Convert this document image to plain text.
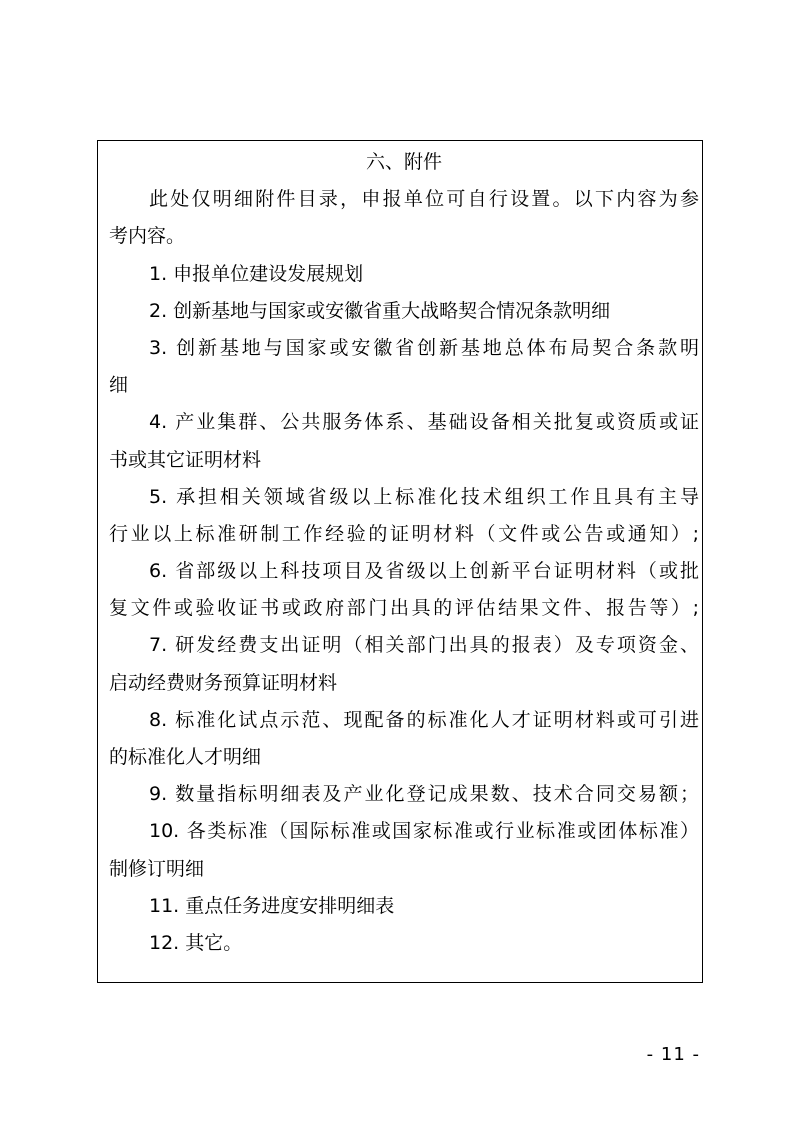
六、附件
此处仅明细附件目录，申报单位可自行设置。以下内容为参
考内容。
1. 申报单位建设发展规划
2. 创新基地与国家或安徽省重大战略契合情况条款明细
3. 创新基地与国家或安徽省创新基地总体布局契合条款明
细
4. 产业集群、公共服务体系、基础设备相关批复或资质或证
书或其它证明材料
5. 承担相关领域省级以上标准化技术组织工作且具有主导
行业以上标准研制工作经验的证明材料（文件或公告或通知）;
6. 省部级以上科技项目及省级以上创新平台证明材料（或批
复文件或验收证书或政府部门出具的评估结果文件、报告等）;
7. 研发经费支出证明（相关部门出具的报表）及专项资金、
启动经费财务预算证明材料
8. 标准化试点示范、现配备的标准化人才证明材料或可引进
的标准化人才明细
9. 数量指标明细表及产业化登记成果数、技术合同交易额；
10. 各类标准（国际标准或国家标准或行业标准或团体标准）
制修订明细
11. 重点任务进度安排明细表
12. 其它。
- 11 -
